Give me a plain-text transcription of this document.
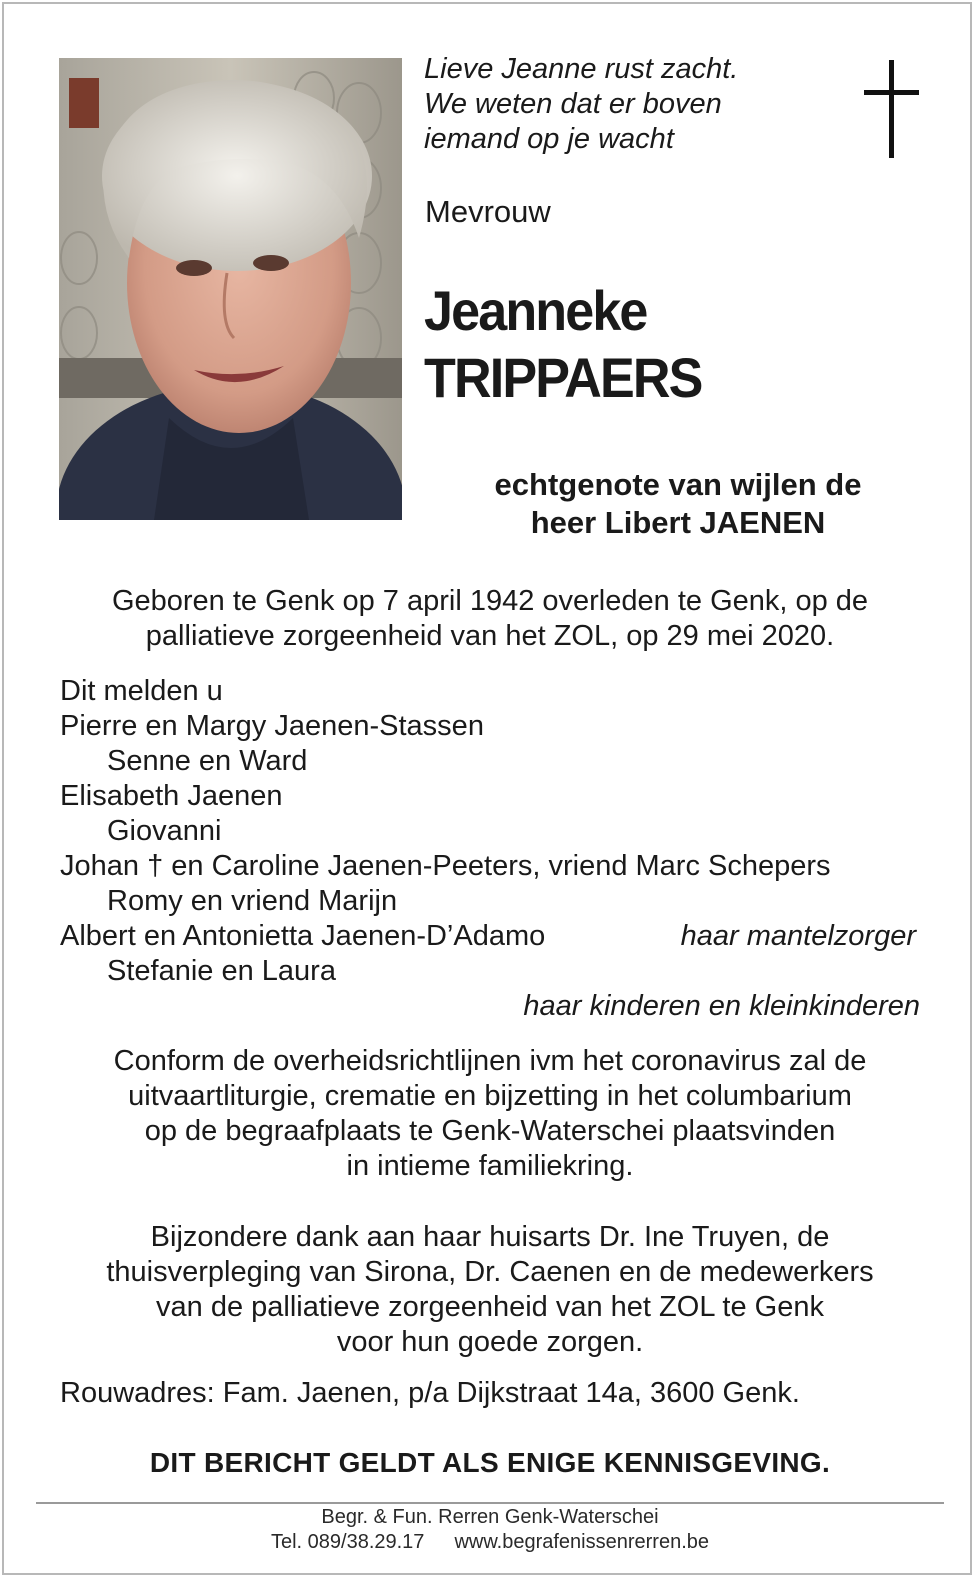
Lieve Jeanne rust zacht.
We weten dat er boven
iemand op je wacht
Mevrouw
Jeanneke
TRIPPAERS
echtgenote van wijlen de
heer Libert JAENEN
Geboren te Genk op 7 april 1942 overleden te Genk, op de
palliatieve zorgeenheid van het ZOL, op 29 mei 2020.
Dit melden u
Pierre en Margy Jaenen-Stassen
Senne en Ward
Elisabeth Jaenen
Giovanni
Johan † en Caroline Jaenen-Peeters, vriend Marc Schepers
Romy en vriend Marijn
Albert en Antonietta Jaenen-D’Adamo	haar mantelzorger
Stefanie en Laura
haar kinderen en kleinkinderen
Conform de overheidsrichtlijnen ivm het coronavirus zal de
uitvaartliturgie, crematie en bijzetting in het columbarium
op de begraafplaats te Genk-Waterschei plaatsvinden
in intieme familiekring.
Bijzondere dank aan haar huisarts Dr. Ine Truyen, de
thuisverpleging van Sirona, Dr. Caenen en de medewerkers
van de palliatieve zorgeenheid van het ZOL te Genk
voor hun goede zorgen.
Rouwadres: Fam. Jaenen, p/a Dijkstraat 14a, 3600 Genk.
DIT BERICHT GELDT ALS ENIGE KENNISGEVING.
Begr. & Fun. Rerren Genk-Waterschei
Tel. 089/38.29.17 www.begrafenissenrerren.be
